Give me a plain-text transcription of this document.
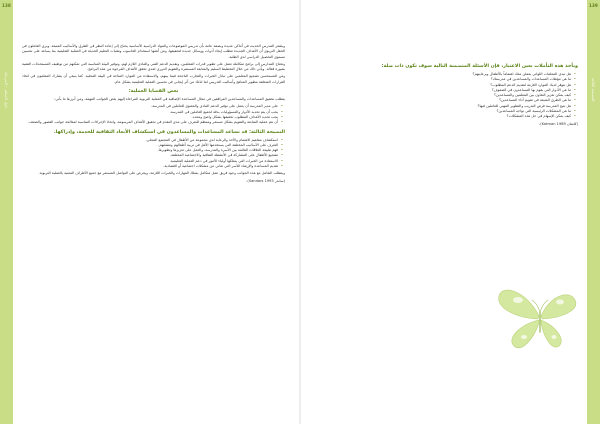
138
دليل المعلم – المرحلة

ويشعر المدرس الحديث في أماكن عديدة وبصفة عامة بأن تدريس الموضوعات والمواد الدراسية الأساسية يحتاج إلى إعادة النظر في الطرق والأساليب المتبعة. ويرى العاملون في الحقل التربوي أن الأهداف الجديدة تتطلب إيجاد أدوات ووسائل جديدة لتحقيقها، ومن أهمها استخدام الحاسوب وتقنيات التعليم الحديثة في العملية التعليمية بما يساعد على تحسين مستوى التحصيل الدراسي لدى الطلبة.

وتحتاج المدارس إلى برامج متكاملة تعمل على تطوير قدرات المعلمين، وتقديم الدعم الفني والمادي اللازم لهم، وتوفير البيئة المناسبة التي تمكنهم من توظيف المستحدثات التقنية بصورة فعالة. ويأتي ذلك من خلال التخطيط السليم والمتابعة المستمرة والتقويم الدوري لمدى تحقق الأهداف المرجوة من هذه البرامج.

ومن المستحسن تشجيع المعلمين على تبادل الخبرات والتجارب الناجحة فيما بينهم، والاستفادة من الموارد المتاحة في البيئة المحلية. كما ينبغي أن يشارك المعلمون في اتخاذ القرارات المتعلقة بتطوير المناهج وأساليب التدريس لما لذلك من أثر إيجابي في تحسين العملية التعليمية بشكل عام.

بعض القضايا العملية:

يتطلب تحقيق المساعدات والمساعدين المرافقين في مجال المساعدة الإضافية في العملية التربوية المراعاة إليهم بعض الجوانب المهمة، ومن أبرزها ما يأتي:

• على مدير المدرسة أن يعمل على توفير الدعم المادي والمعنوي للعاملين في المدرسة.
• يجب أن يتم تحديد الأدوار والمسؤوليات بدقة لجميع العاملين في المدرسة.
• يجب تحديد الأهداف المطلوب تحقيقها بشكل واضح ومحدد.
• أن تتم عملية المتابعة والتقويم بشكل مستمر ومنتظم للتعرف على مدى التقدم في تحقيق الأهداف المرسومة، واتخاذ الإجراءات المناسبة لمعالجة جوانب القصور والضعف.
النصيحة الثالثة: قد تساعد المساعدات والمساعدون في استكشاف الأبعاد الثقافية للخدمة، وإدراكها.
• استكشاف مفاهيم الاهتمام والأخذ والرعاية لدى مجموعة من الأطفال في المجتمع المحلي.
• التعرف على الأساليب المختلفة التي يستخدمها الأهل في تربية أطفالهم وتنشئتهم.
• فهم طبيعة العلاقات القائمة بين الأسرة والمدرسة، والعمل على تعزيزها وتطويرها.
• تشجيع الأطفال على المشاركة في الأنشطة الثقافية والاجتماعية المختلفة.
• الاستفادة من الخبرات التي يمتلكها أولياء الأمور في دعم العملية التعليمية.
• تقديم المساعدة والإرشاد للأسر التي تعاني من مشكلات اجتماعية أو اقتصادية.

ويتطلب التعامل مع هذه الجوانب وجود فريق عمل متكامل يمتلك المهارات والخبرات اللازمة، ويحرص على التواصل المستمر مع جميع الأطراف المعنية بالعملية التربوية.

(ساندر Sandars 1993).
139
النصيحة الثالثة
وبأخذ هذه التأملات بعين الاعتبار، فإن الأسئلة المتضمنة التالية سوف تكون ذات صلة:
• هل تبدي المعلمات اللواتي يعملن معك اهتماماً بالأطفال وبرعايتهم؟
• ما هي مؤهلات المساعدات والمساعدين في مدرستك؟
• هل تتوفر لديك الموارد اللازمة لتقديم الدعم المطلوب؟
• ما هي الأدوار التي يقوم بها المساعدون في الصفوف؟
• كيف يمكن تعزيز التعاون بين المعلمين والمساعدين؟
• ما هي الطرق المتبعة في تقويم أداء المساعدين؟
• هل تتيح المدرسة فرص التدريب والتطوير المهني للعاملين فيها؟
• ما هي المشكلات الرئيسية التي تواجه المساعدين؟
• كيف يمكن الإسهام في حل هذه المشكلات؟
(كاتمان Katman 1989).
